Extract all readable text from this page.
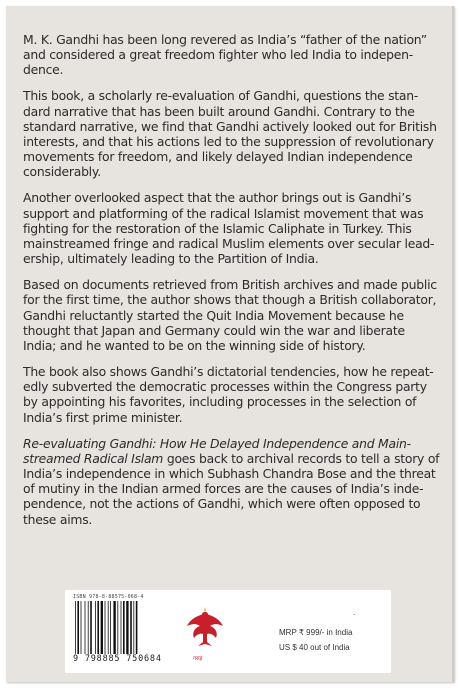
M. K. Gandhi has been long revered as India’s “father of the nation”
and considered a great freedom fighter who led India to indepen-
dence.

This book, a scholarly re-evaluation of Gandhi, questions the stan-
dard narrative that has been built around Gandhi. Contrary to the
standard narrative, we find that Gandhi actively looked out for British
interests, and that his actions led to the suppression of revolutionary
movements for freedom, and likely delayed Indian independence
considerably.

Another overlooked aspect that the author brings out is Gandhi’s
support and platforming of the radical Islamist movement that was
fighting for the restoration of the Islamic Caliphate in Turkey. This
mainstreamed fringe and radical Muslim elements over secular lead-
ership, ultimately leading to the Partition of India.

Based on documents retrieved from British archives and made public
for the first time, the author shows that though a British collaborator,
Gandhi reluctantly started the Quit India Movement because he
thought that Japan and Germany could win the war and liberate
India; and he wanted to be on the winning side of history.

The book also shows Gandhi’s dictatorial tendencies, how he repeat-
edly subverted the democratic processes within the Congress party
by appointing his favorites, including processes in the selection of
India’s first prime minister.

Re-evaluating Gandhi: How He Delayed Independence and Main-
streamed Radical Islam goes back to archival records to tell a story of
India’s independence in which Subhash Chandra Bose and the threat
of mutiny in the Indian armed forces are the causes of India’s inde-
pendence, not the actions of Gandhi, which were often opposed to
these aims.

ISBN 978-8-88575-068-4
9 798885 750684	गरुड़
.
MRP ₹ 999/- in India
US $ 40 out of India
